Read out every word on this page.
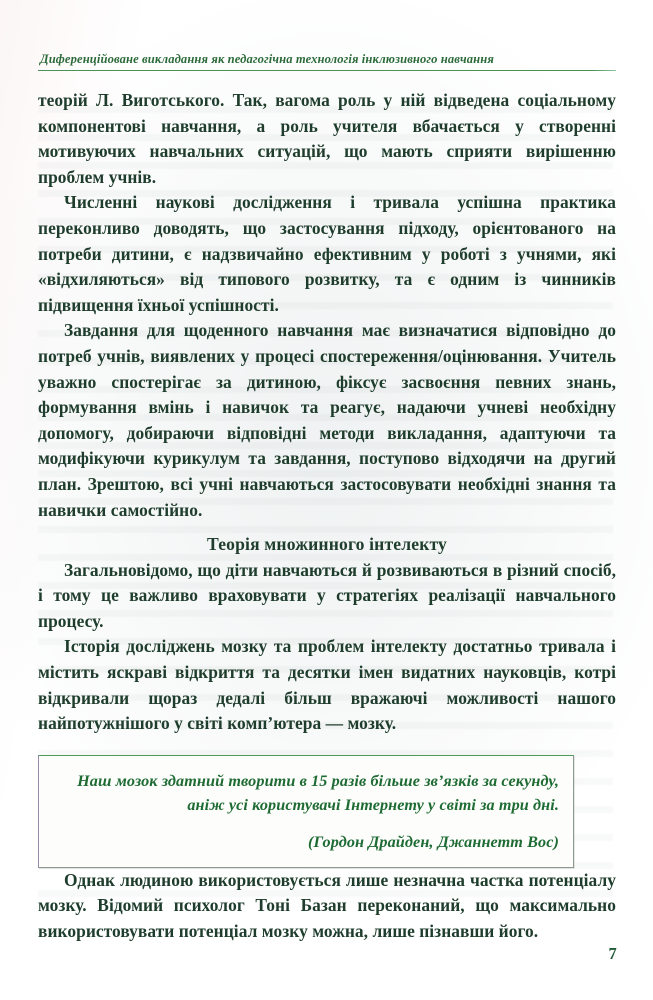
Диференційоване викладання як педагогічна технологія інклюзивного навчання

теорій Л. Виготського. Так, вагома роль у ній відведена соціальному компонентові навчання, а роль учителя вбачається у створенні мотивуючих навчальних ситуацій, що мають сприяти вирішенню проблем учнів.

Численні наукові дослідження і тривала успішна практика переконливо доводять, що застосування підходу, орієнтованого на потреби дитини, є надзвичайно ефективним у роботі з учнями, які «відхиляються» від типового розвитку, та є одним із чинників підвищення їхньої успішності.

Завдання для щоденного навчання має визначатися відповідно до потреб учнів, виявлених у процесі спостереження/оцінювання. Учитель уважно спостерігає за дитиною, фіксує засвоєння певних знань, формування вмінь і навичок та реагує, надаючи учневі необхідну допомогу, добираючи відповідні методи викладання, адаптуючи та модифікуючи курикулум та завдання, поступово відходячи на другий план. Зрештою, всі учні навчаються застосовувати необхідні знання та навички самостійно.

Теорія множинного інтелекту

Загальновідомо, що діти навчаються й розвиваються в різний спосіб, і тому це важливо враховувати у стратегіях реалізації навчального процесу.

Історія досліджень мозку та проблем інтелекту достатньо тривала і містить яскраві відкриття та десятки імен видатних науковців, котрі відкривали щораз дедалі більш вражаючі можливості нашого найпотужнішого у світі комп’ютера — мозку.

Наш мозок здатний творити в 15 разів більше зв’язків за секунду, аніж усі користувачі Інтернету у світі за три дні.

(Гордон Драйден, Джаннетт Вос)

Однак людиною використовується лише незначна частка потенціалу мозку. Відомий психолог Тоні Базан переконаний, що максимально використовувати потенціал мозку можна, лише пізнавши його.

7
